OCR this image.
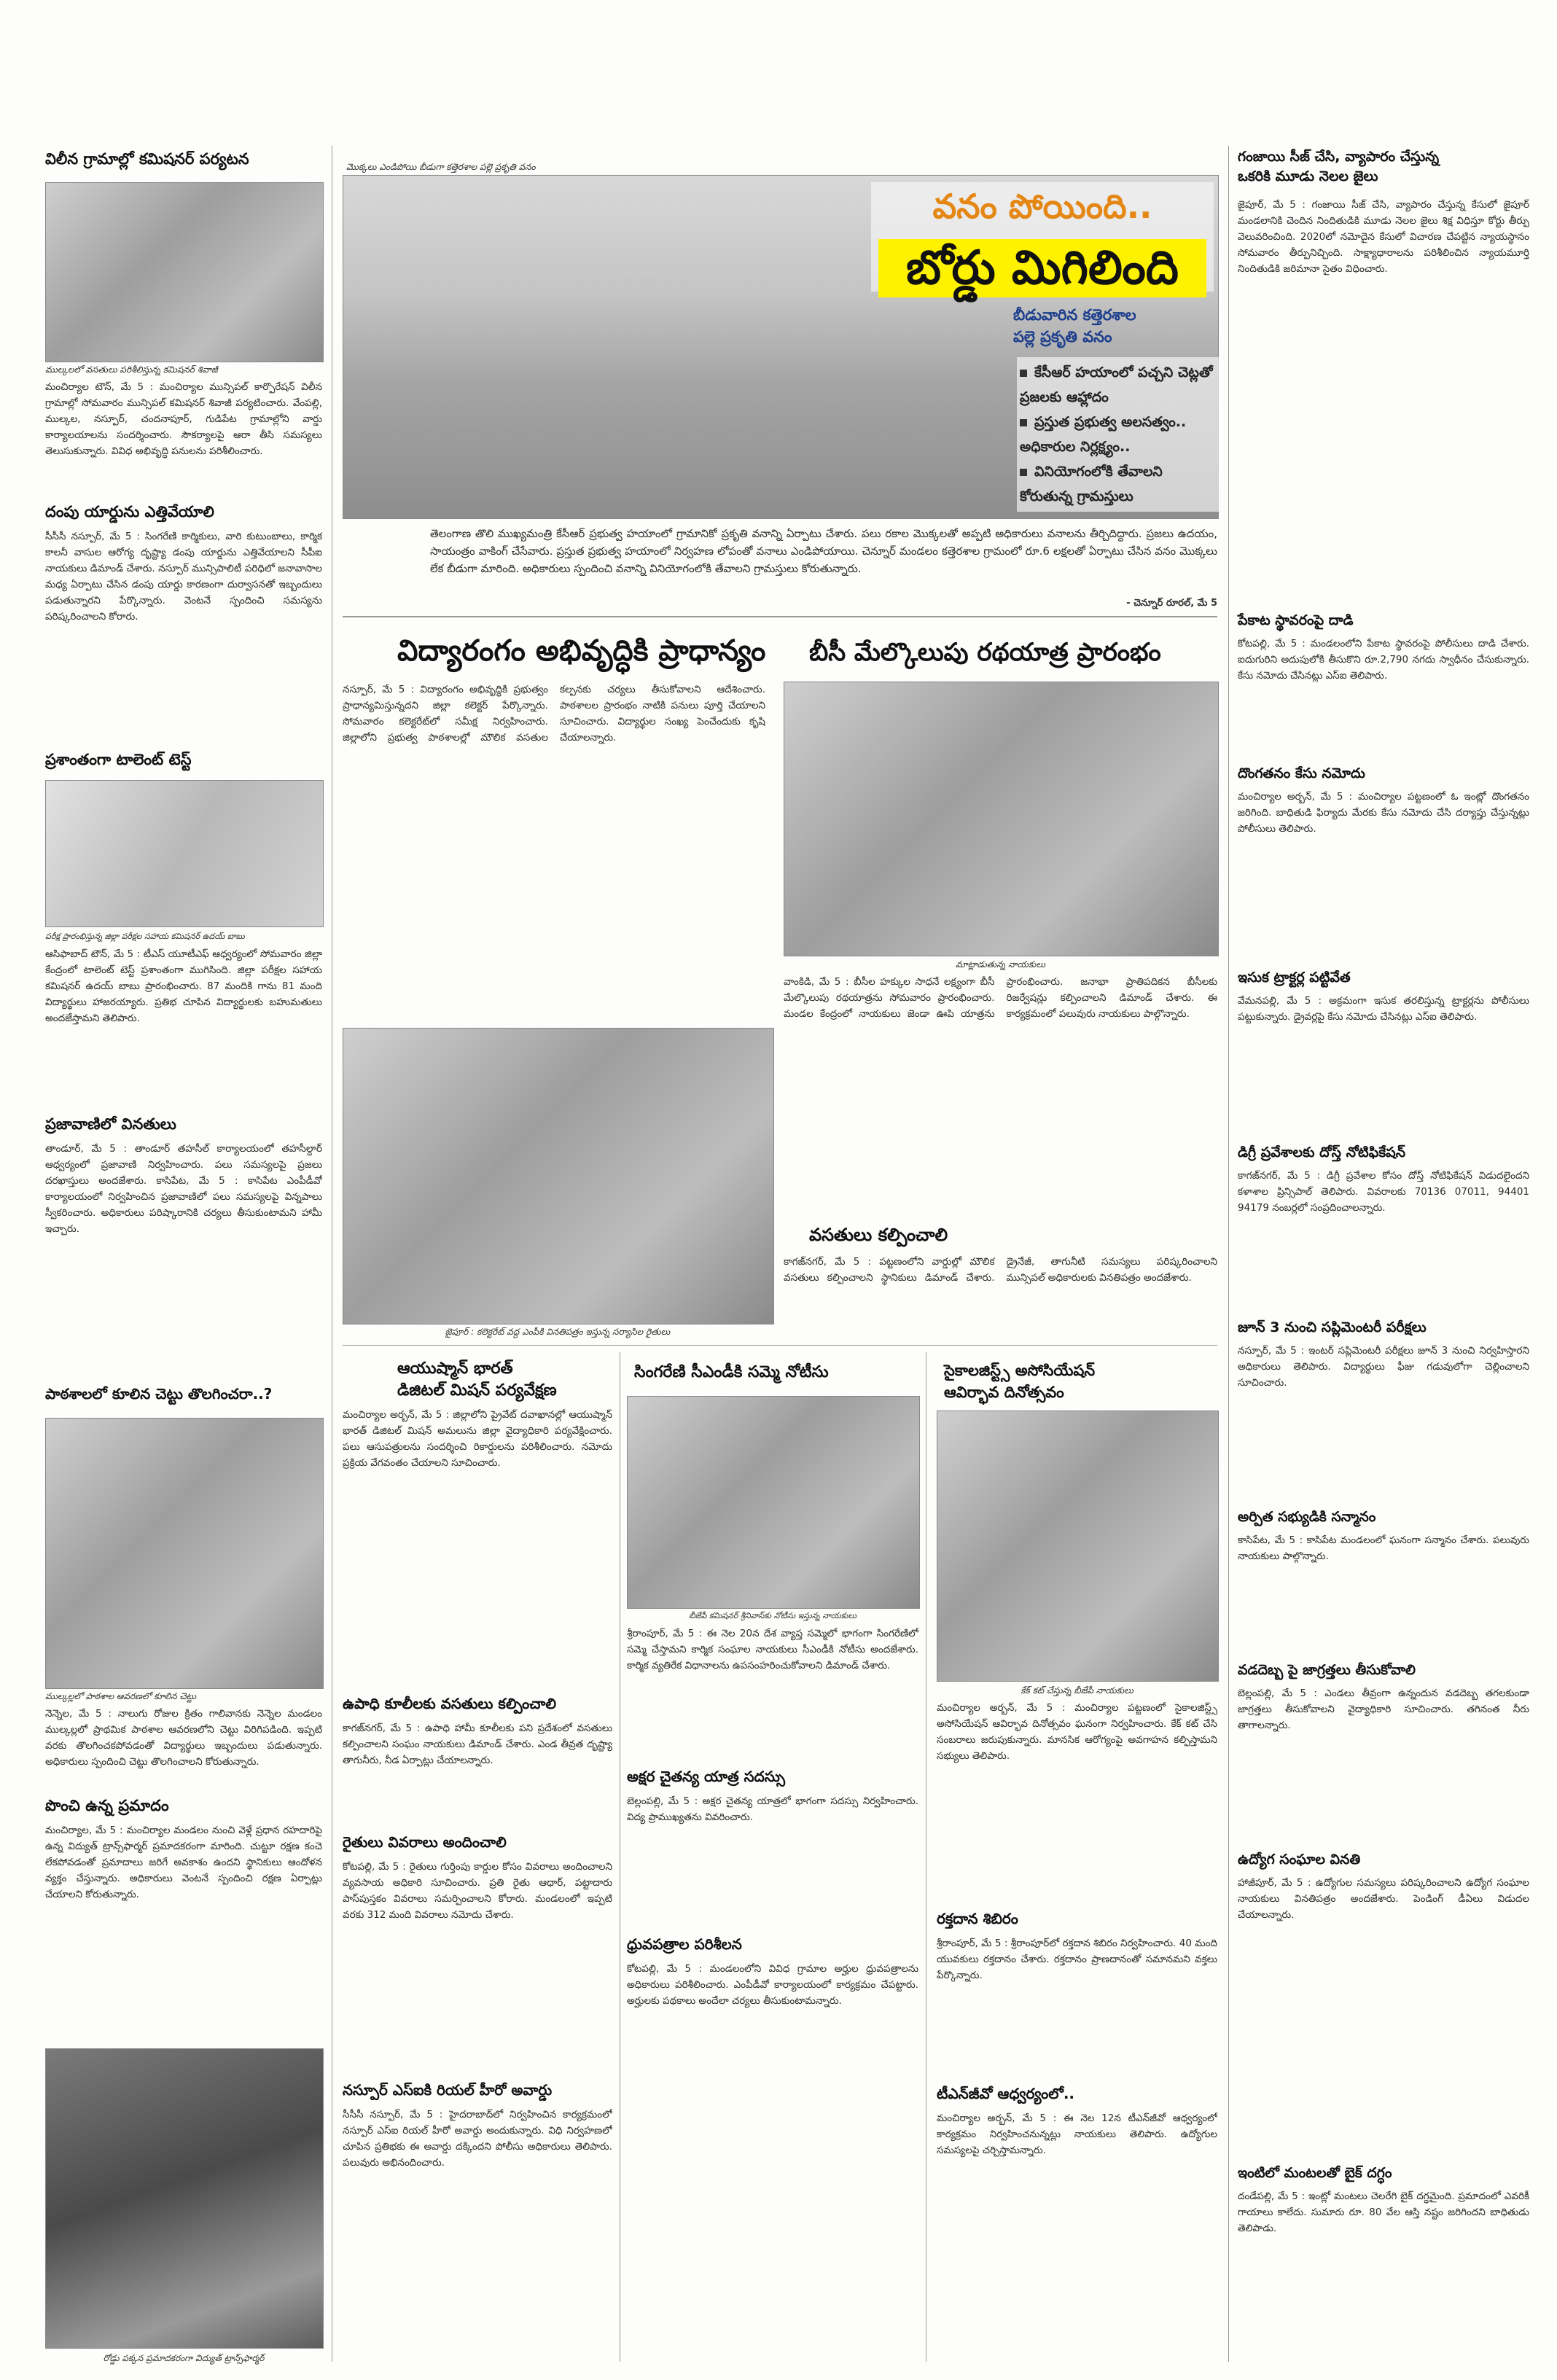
విలీన గ్రామాల్లో కమిషనర్ పర్యటన
ముల్కలలో వసతులు పరిశీలిస్తున్న కమిషనర్ శివాజీ
మంచిర్యాల టౌన్, మే 5 : మంచిర్యాల మున్సిపల్ కార్పొరేషన్ విలీన గ్రామాల్లో సోమవారం మున్సిపల్ కమిషనర్ శివాజీ పర్యటించారు. వేంపల్లి, ముల్కల, నస్పూర్, చందనాపూర్, గుడిపేట గ్రామాల్లోని వార్డు కార్యాలయాలను సందర్శించారు. సౌకర్యాలపై ఆరా తీసి సమస్యలు తెలుసుకున్నారు. వివిధ అభివృద్ధి పనులను పరిశీలించారు.
దంపు యార్డును ఎత్తివేయాలి
సీసీసీ నస్పూర్, మే 5 : సింగరేణి కార్మికులు, వారి కుటుంబాలు, కార్మిక కాలనీ వాసుల ఆరోగ్య దృష్ట్యా డంపు యార్డును ఎత్తివేయాలని సీపీఐ నాయకులు డిమాండ్ చేశారు. నస్పూర్ మున్సిపాలిటీ పరిధిలో జనావాసాల మధ్య ఏర్పాటు చేసిన డంపు యార్డు కారణంగా దుర్వాసనతో ఇబ్బందులు పడుతున్నారని పేర్కొన్నారు. వెంటనే స్పందించి సమస్యను పరిష్కరించాలని కోరారు.
ప్రశాంతంగా టాలెంట్ టెస్ట్
పరీక్ష ప్రారంభిస్తున్న జిల్లా పరీక్షల సహాయ కమిషనర్ ఉదయ్ బాబు
ఆసిఫాబాద్ టౌన్, మే 5 : టీఎస్ యూటీఎఫ్ ఆధ్వర్యంలో సోమవారం జిల్లా కేంద్రంలో టాలెంట్ టెస్ట్ ప్రశాంతంగా ముగిసింది. జిల్లా పరీక్షల సహాయ కమిషనర్ ఉదయ్ బాబు ప్రారంభించారు. 87 మందికి గాను 81 మంది విద్యార్థులు హాజరయ్యారు. ప్రతిభ చూపిన విద్యార్థులకు బహుమతులు అందజేస్తామని తెలిపారు.
ప్రజావాణిలో వినతులు
తాండూర్, మే 5 : తాండూర్ తహసీల్ కార్యాలయంలో తహసీల్దార్ ఆధ్వర్యంలో ప్రజావాణి నిర్వహించారు. పలు సమస్యలపై ప్రజలు దరఖాస్తులు అందజేశారు. కాసిపేట, మే 5 : కాసిపేట ఎంపీడీవో కార్యాలయంలో నిర్వహించిన ప్రజావాణిలో పలు సమస్యలపై విన్నపాలు స్వీకరించారు. అధికారులు పరిష్కారానికి చర్యలు తీసుకుంటామని హామీ ఇచ్చారు.
పాఠశాలలో కూలిన చెట్టు తొలగించరా..?
ముల్కల్లలో పాఠశాల ఆవరణలో కూలిన చెట్టు
నెన్నెల, మే 5 : నాలుగు రోజుల క్రితం గాలివానకు నెన్నెల మండలం ముల్కల్లలో ప్రాథమిక పాఠశాల ఆవరణలోని చెట్టు విరిగిపడింది. ఇప్పటి వరకు తొలగించకపోవడంతో విద్యార్థులు ఇబ్బందులు పడుతున్నారు. అధికారులు స్పందించి చెట్టు తొలగించాలని కోరుతున్నారు.
పొంచి ఉన్న ప్రమాదం
మంచిర్యాల, మే 5 : మంచిర్యాల మండలం నుంచి వెళ్లే ప్రధాన రహదారిపై ఉన్న విద్యుత్ ట్రాన్స్‌ఫార్మర్ ప్రమాదకరంగా మారింది. చుట్టూ రక్షణ కంచె లేకపోవడంతో ప్రమాదాలు జరిగే అవకాశం ఉందని స్థానికులు ఆందోళన వ్యక్తం చేస్తున్నారు. అధికారులు వెంటనే స్పందించి రక్షణ ఏర్పాట్లు చేయాలని కోరుతున్నారు.
రోడ్డు పక్కన ప్రమాదకరంగా విద్యుత్ ట్రాన్స్‌ఫార్మర్
మొక్కలు ఎండిపోయి బీడుగా కత్తెరశాల పల్లె ప్రకృతి వనం
వనం పోయింది..
బోర్డు మిగిలింది
బీడువారిన కత్తెరశాల
పల్లె ప్రకృతి వనం
కేసీఆర్ హయాంలో పచ్చని చెట్లతో ప్రజలకు ఆహ్లాదం
ప్రస్తుత ప్రభుత్వ అలసత్వం.. అధికారుల నిర్లక్ష్యం..
వినియోగంలోకి తేవాలని కోరుతున్న గ్రామస్తులు
తెలంగాణ తొలి ముఖ్యమంత్రి కేసీఆర్ ప్రభుత్వ హయాంలో గ్రామానికో ప్రకృతి వనాన్ని ఏర్పాటు చేశారు. పలు రకాల మొక్కలతో అప్పటి అధికారులు వనాలను తీర్చిదిద్దారు. ప్రజలు ఉదయం, సాయంత్రం వాకింగ్ చేసేవారు. ప్రస్తుత ప్రభుత్వ హయాంలో నిర్వహణ లోపంతో వనాలు ఎండిపోయాయి. చెన్నూర్ మండలం కత్తెరశాల గ్రామంలో రూ.6 లక్షలతో ఏర్పాటు చేసిన వనం మొక్కలు లేక బీడుగా మారింది. అధికారులు స్పందించి వనాన్ని వినియోగంలోకి తేవాలని గ్రామస్తులు కోరుతున్నారు.
- చెన్నూర్ రూరల్, మే 5
విద్యారంగం అభివృద్ధికి ప్రాధాన్యం
నస్పూర్, మే 5 : విద్యారంగం అభివృద్ధికి ప్రభుత్వం ప్రాధాన్యమిస్తున్నదని జిల్లా కలెక్టర్ పేర్కొన్నారు. సోమవారం కలెక్టరేట్‌లో సమీక్ష నిర్వహించారు. జిల్లాలోని ప్రభుత్వ పాఠశాలల్లో మౌలిక వసతుల కల్పనకు చర్యలు తీసుకోవాలని ఆదేశించారు. పాఠశాలల ప్రారంభం నాటికి పనులు పూర్తి చేయాలని సూచించారు. విద్యార్థుల సంఖ్య పెంచేందుకు కృషి చేయాలన్నారు.
జైపూర్ : కలెక్టరేట్ వద్ద ఎంపీకి వినతిపత్రం ఇస్తున్న సర్యాసిల రైతులు
ఆయుష్మాన్ భారత్
డిజిటల్ మిషన్ పర్యవేక్షణ
మంచిర్యాల అర్బన్, మే 5 : జిల్లాలోని ప్రైవేట్ దవాఖానల్లో ఆయుష్మాన్ భారత్ డిజిటల్ మిషన్ అమలును జిల్లా వైద్యాధికారి పర్యవేక్షించారు. పలు ఆసుపత్రులను సందర్శించి రికార్డులను పరిశీలించారు. నమోదు ప్రక్రియ వేగవంతం చేయాలని సూచించారు.
ఉపాధి కూలీలకు వసతులు కల్పించాలి
కాగజ్‌నగర్, మే 5 : ఉపాధి హామీ కూలీలకు పని ప్రదేశంలో వసతులు కల్పించాలని సంఘం నాయకులు డిమాండ్ చేశారు. ఎండ తీవ్రత దృష్ట్యా తాగునీరు, నీడ ఏర్పాట్లు చేయాలన్నారు.
రైతులు వివరాలు అందించాలి
కోటపల్లి, మే 5 : రైతులు గుర్తింపు కార్డుల కోసం వివరాలు అందించాలని వ్యవసాయ అధికారి సూచించారు. ప్రతి రైతు ఆధార్, పట్టాదారు పాస్‌పుస్తకం వివరాలు సమర్పించాలని కోరారు. మండలంలో ఇప్పటి వరకు 312 మంది వివరాలు నమోదు చేశారు.
నస్పూర్ ఎస్‌ఐకి రియల్ హీరో అవార్డు
సీసీసీ నస్పూర్, మే 5 : హైదరాబాద్‌లో నిర్వహించిన కార్యక్రమంలో నస్పూర్ ఎస్‌ఐ రియల్ హీరో అవార్డు అందుకున్నారు. విధి నిర్వహణలో చూపిన ప్రతిభకు ఈ అవార్డు దక్కిందని పోలీసు అధికారులు తెలిపారు. పలువురు అభినందించారు.
బీసీ మేల్కొలుపు రథయాత్ర ప్రారంభం
మాట్లాడుతున్న నాయకులు
వాంకిడి, మే 5 : బీసీల హక్కుల సాధనే లక్ష్యంగా బీసీ మేల్కొలుపు రథయాత్రను సోమవారం ప్రారంభించారు. మండల కేంద్రంలో నాయకులు జెండా ఊపి యాత్రను ప్రారంభించారు. జనాభా ప్రాతిపదికన బీసీలకు రిజర్వేషన్లు కల్పించాలని డిమాండ్ చేశారు. ఈ కార్యక్రమంలో పలువురు నాయకులు పాల్గొన్నారు.
వసతులు కల్పించాలి
కాగజ్‌నగర్, మే 5 : పట్టణంలోని వార్డుల్లో మౌలిక వసతులు కల్పించాలని స్థానికులు డిమాండ్ చేశారు. డ్రైనేజీ, తాగునీటి సమస్యలు పరిష్కరించాలని మున్సిపల్ అధికారులకు వినతిపత్రం అందజేశారు.
సింగరేణి సీఎండీకి సమ్మె నోటీసు
బీజేపీ కమిషనర్ శ్రీనివాస్‌కు నోటీసు ఇస్తున్న నాయకులు
శ్రీరాంపూర్, మే 5 : ఈ నెల 20న దేశ వ్యాప్త సమ్మెలో భాగంగా సింగరేణిలో సమ్మె చేస్తామని కార్మిక సంఘాల నాయకులు సీఎండీకి నోటీసు అందజేశారు. కార్మిక వ్యతిరేక విధానాలను ఉపసంహరించుకోవాలని డిమాండ్ చేశారు.
అక్షర చైతన్య యాత్ర సదస్సు
బెల్లంపల్లి, మే 5 : అక్షర చైతన్య యాత్రలో భాగంగా సదస్సు నిర్వహించారు. విద్య ప్రాముఖ్యతను వివరించారు.
ధ్రువపత్రాల పరిశీలన
కోటపల్లి, మే 5 : మండలంలోని వివిధ గ్రామాల అర్హుల ధ్రువపత్రాలను అధికారులు పరిశీలించారు. ఎంపీడీవో కార్యాలయంలో కార్యక్రమం చేపట్టారు. అర్హులకు పథకాలు అందేలా చర్యలు తీసుకుంటామన్నారు.
సైకాలజిస్ట్స్ అసోసియేషన్
ఆవిర్భావ దినోత్సవం
కేక్ కట్ చేస్తున్న బీజేపీ నాయకులు
మంచిర్యాల అర్బన్, మే 5 : మంచిర్యాల పట్టణంలో సైకాలజిస్ట్స్ అసోసియేషన్ ఆవిర్భావ దినోత్సవం ఘనంగా నిర్వహించారు. కేక్ కట్ చేసి సంబరాలు జరుపుకున్నారు. మానసిక ఆరోగ్యంపై అవగాహన కల్పిస్తామని సభ్యులు తెలిపారు.
రక్తదాన శిబిరం
శ్రీరాంపూర్, మే 5 : శ్రీరాంపూర్‌లో రక్తదాన శిబిరం నిర్వహించారు. 40 మంది యువకులు రక్తదానం చేశారు. రక్తదానం ప్రాణదానంతో సమానమని వక్తలు పేర్కొన్నారు.
టీఎన్‌జీవో ఆధ్వర్యంలో..
మంచిర్యాల అర్బన్, మే 5 : ఈ నెల 12న టీఎన్‌జీవో ఆధ్వర్యంలో కార్యక్రమం నిర్వహించనున్నట్లు నాయకులు తెలిపారు. ఉద్యోగుల సమస్యలపై చర్చిస్తామన్నారు.
గంజాయి సీజ్ చేసి, వ్యాపారం చేస్తున్న
ఒకరికి మూడు నెలల జైలు
జైపూర్, మే 5 : గంజాయి సీజ్ చేసి, వ్యాపారం చేస్తున్న కేసులో జైపూర్ మండలానికి చెందిన నిందితుడికి మూడు నెలల జైలు శిక్ష విధిస్తూ కోర్టు తీర్పు వెలువరించింది. 2020లో నమోదైన కేసులో విచారణ చేపట్టిన న్యాయస్థానం సోమవారం తీర్పునిచ్చింది. సాక్ష్యాధారాలను పరిశీలించిన న్యాయమూర్తి నిందితుడికి జరిమానా సైతం విధించారు.
పేకాట స్థావరంపై దాడి
కోటపల్లి, మే 5 : మండలంలోని పేకాట స్థావరంపై పోలీసులు దాడి చేశారు. ఐదుగురిని అదుపులోకి తీసుకొని రూ.2,790 నగదు స్వాధీనం చేసుకున్నారు. కేసు నమోదు చేసినట్లు ఎస్‌ఐ తెలిపారు.
దొంగతనం కేసు నమోదు
మంచిర్యాల అర్బన్, మే 5 : మంచిర్యాల పట్టణంలో ఓ ఇంట్లో దొంగతనం జరిగింది. బాధితుడి ఫిర్యాదు మేరకు కేసు నమోదు చేసి దర్యాప్తు చేస్తున్నట్లు పోలీసులు తెలిపారు.
ఇసుక ట్రాక్టర్ల పట్టివేత
వేమనపల్లి, మే 5 : అక్రమంగా ఇసుక తరలిస్తున్న ట్రాక్టర్లను పోలీసులు పట్టుకున్నారు. డ్రైవర్లపై కేసు నమోదు చేసినట్లు ఎస్‌ఐ తెలిపారు.
డిగ్రీ ప్రవేశాలకు దోస్త్ నోటిఫికేషన్
కాగజ్‌నగర్, మే 5 : డిగ్రీ ప్రవేశాల కోసం దోస్త్ నోటిఫికేషన్ విడుదలైందని కళాశాల ప్రిన్సిపాల్ తెలిపారు. వివరాలకు 70136 07011, 94401 94179 నంబర్లలో సంప్రదించాలన్నారు.
జూన్ 3 నుంచి సప్లిమెంటరీ పరీక్షలు
నస్పూర్, మే 5 : ఇంటర్ సప్లిమెంటరీ పరీక్షలు జూన్ 3 నుంచి నిర్వహిస్తారని అధికారులు తెలిపారు. విద్యార్థులు ఫీజు గడువులోగా చెల్లించాలని సూచించారు.
అర్పిత సభ్యుడికి సన్మానం
కాసిపేట, మే 5 : కాసిపేట మండలంలో ఘనంగా సన్మానం చేశారు. పలువురు నాయకులు పాల్గొన్నారు.
వడదెబ్బ పై జాగ్రత్తలు తీసుకోవాలి
బెల్లంపల్లి, మే 5 : ఎండలు తీవ్రంగా ఉన్నందున వడదెబ్బ తగలకుండా జాగ్రత్తలు తీసుకోవాలని వైద్యాధికారి సూచించారు. తగినంత నీరు తాగాలన్నారు.
ఉద్యోగ సంఘాల వినతి
హాజీపూర్, మే 5 : ఉద్యోగుల సమస్యలు పరిష్కరించాలని ఉద్యోగ సంఘాల నాయకులు వినతిపత్రం అందజేశారు. పెండింగ్ డీఏలు విడుదల చేయాలన్నారు.
ఇంటిలో మంటలతో బైక్ దగ్ధం
దండేపల్లి, మే 5 : ఇంట్లో మంటలు చెలరేగి బైక్ దగ్ధమైంది. ప్రమాదంలో ఎవరికీ గాయాలు కాలేదు. సుమారు రూ. 80 వేల ఆస్తి నష్టం జరిగిందని బాధితుడు తెలిపాడు.
